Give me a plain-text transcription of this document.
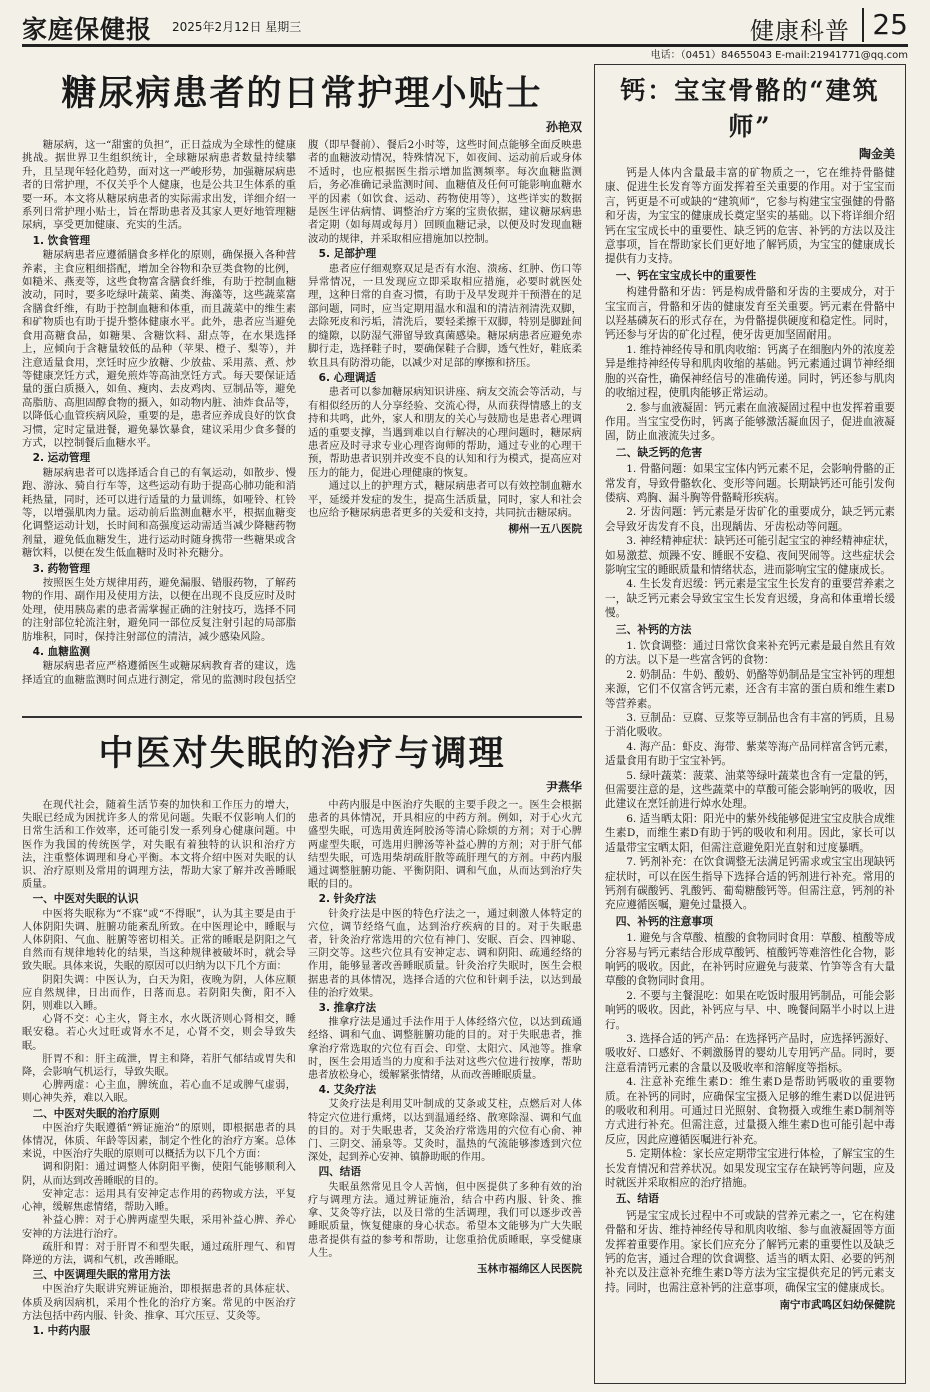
家庭保健报 2025年2月12日 星期三	健康科普 25
电话：（0451）84655043 E-mail:21941771@qq.com
糖尿病患者的日常护理小贴士
孙艳双

糖尿病，这一“甜蜜的负担”，正日益成为全球性的健康挑战。据世界卫生组织统计，全球糖尿病患者数量持续攀升，且呈现年轻化趋势，面对这一严峻形势，加强糖尿病患者的日常护理，不仅关乎个人健康，也是公共卫生体系的重要一环。本文将从糖尿病患者的实际需求出发，详细介绍一系列日常护理小贴士，旨在帮助患者及其家人更好地管理糖尿病，享受更加健康、充实的生活。

1. 饮食管理

糖尿病患者应遵循膳食多样化的原则，确保摄入各种营养素，主食应粗细搭配，增加全谷物和杂豆类食物的比例，如糙米、燕麦等，这些食物富含膳食纤维，有助于控制血糖波动，同时，要多吃绿叶蔬菜、菌类、海藻等，这些蔬菜富含膳食纤维，有助于控制血糖和体重，而且蔬菜中的维生素和矿物质也有助于提升整体健康水平。此外，患者应当避免食用高糖食品，如糖果、含糖饮料、甜点等，在水果选择上，应倾向于含糖量较低的品种（苹果、橙子、梨等），并注意适量食用，烹饪时应少放糖、少放盐、采用蒸、煮、炒等健康烹饪方式，避免煎炸等高油烹饪方式。每天要保证适量的蛋白质摄入，如鱼、瘦肉、去皮鸡肉、豆制品等，避免高脂肪、高胆固醇食物的摄入，如动物内脏、油炸食品等，以降低心血管疾病风险，重要的是，患者应养成良好的饮食习惯，定时定量进餐，避免暴饮暴食，建议采用少食多餐的方式，以控制餐后血糖水平。

2. 运动管理

糖尿病患者可以选择适合自己的有氧运动，如散步、慢跑、游泳、骑自行车等，这些运动有助于提高心肺功能和消耗热量，同时，还可以进行适量的力量训练，如哑铃、杠铃等，以增强肌肉力量。运动前后监测血糖水平，根据血糖变化调整运动计划，长时间和高强度运动需适当减少降糖药物剂量，避免低血糖发生，进行运动时随身携带一些糖果或含糖饮料，以便在发生低血糖时及时补充糖分。

3. 药物管理

按照医生处方规律用药，避免漏服、错服药物，了解药物的作用、副作用及使用方法，以便在出现不良反应时及时处理，使用胰岛素的患者需掌握正确的注射技巧，选择不同的注射部位轮流注射，避免同一部位反复注射引起的局部脂肪堆积，同时，保持注射部位的清洁，减少感染风险。

4. 血糖监测

糖尿病患者应严格遵循医生或糖尿病教育者的建议，选择适宜的血糖监测时间点进行测定，常见的监测时段包括空腹（即早餐前）、餐后2小时等，这些时间点能够全面反映患者的血糖波动情况，特殊情况下，如夜间、运动前后或身体不适时，也应根据医生指示增加监测频率。每次血糖监测后，务必准确记录监测时间、血糖值及任何可能影响血糖水平的因素（如饮食、运动、药物使用等），这些详实的数据是医生评估病情、调整治疗方案的宝贵依据，建议糖尿病患者定期（如每周或每月）回顾血糖记录，以便及时发现血糖波动的规律，并采取相应措施加以控制。

5. 足部护理

患者应仔细观察双足是否有水泡、溃疡、红肿、伤口等异常情况，一旦发现应立即采取相应措施，必要时就医处理，这种日常的自查习惯，有助于及早发现并干预潜在的足部问题，同时，应当定期用温水和温和的清洁剂清洗双脚，去除死皮和污垢，清洗后，要轻柔擦干双脚，特别是脚趾间的缝隙，以防湿气滞留导致真菌感染。糖尿病患者应避免赤脚行走，选择鞋子时，要确保鞋子合脚，透气性好，鞋底柔软且具有防滑功能，以减少对足部的摩擦和挤压。

6. 心理调适

患者可以参加糖尿病知识讲座、病友交流会等活动，与有相似经历的人分享经验、交流心得，从而获得情感上的支持和共鸣，此外，家人和朋友的关心与鼓励也是患者心理调适的重要支撑，当遇到难以自行解决的心理问题时，糖尿病患者应及时寻求专业心理咨询师的帮助，通过专业的心理干预，帮助患者识别并改变不良的认知和行为模式，提高应对压力的能力，促进心理健康的恢复。

通过以上的护理方式，糖尿病患者可以有效控制血糖水平，延缓并发症的发生，提高生活质量，同时，家人和社会也应给予糖尿病患者更多的关爱和支持，共同抗击糖尿病。

柳州一五八医院
中医对失眠的治疗与调理
尹燕华

在现代社会，随着生活节奏的加快和工作压力的增大，失眠已经成为困扰许多人的常见问题。失眠不仅影响人们的日常生活和工作效率，还可能引发一系列身心健康问题。中医作为我国的传统医学，对失眠有着独特的认识和治疗方法，注重整体调理和身心平衡。本文将介绍中医对失眠的认识、治疗原则及常用的调理方法，帮助大家了解并改善睡眠质量。

一、中医对失眠的认识

中医将失眠称为“不寐”或“不得眠”，认为其主要是由于人体阴阳失调、脏腑功能紊乱所致。在中医理论中，睡眠与人体阴阳、气血、脏腑等密切相关。正常的睡眠是阴阳之气自然而有规律地转化的结果，当这种规律被破坏时，就会导致失眠。具体来说，失眠的原因可以归纳为以下几个方面：

阴阳失调：中医认为，白天为阳，夜晚为阴，人体应顺应自然规律，日出而作，日落而息。若阴阳失衡，阳不入阴，则难以入睡。

心肾不交：心主火，肾主水，水火既济则心肾相交，睡眠安稳。若心火过旺或肾水不足，心肾不交，则会导致失眠。

肝胃不和：肝主疏泄，胃主和降，若肝气郁结或胃失和降，会影响气机运行，导致失眠。

心脾两虚：心主血，脾统血，若心血不足或脾气虚弱，则心神失养，难以入眠。

二、中医对失眠的治疗原则

中医治疗失眠遵循“辨证施治”的原则，即根据患者的具体情况，体质、年龄等因素，制定个性化的治疗方案。总体来说，中医治疗失眠的原则可以概括为以下几个方面：

调和阴阳：通过调整人体阴阳平衡，使阳气能够顺利入阴，从而达到改善睡眠的目的。

安神定志：运用具有安神定志作用的药物或方法，平复心神，缓解焦虑情绪，帮助入睡。

补益心脾：对于心脾两虚型失眠，采用补益心脾、养心安神的方法进行治疗。

疏肝和胃：对于肝胃不和型失眠，通过疏肝理气、和胃降逆的方法，调和气机，改善睡眠。

三、中医调理失眠的常用方法

中医治疗失眠讲究辨证施治，即根据患者的具体症状、体质及病因病机，采用个性化的治疗方案。常见的中医治疗方法包括中药内服、针灸、推拿、耳穴压豆、艾灸等。

1. 中药内服

中药内服是中医治疗失眠的主要手段之一。医生会根据患者的具体情况，开具相应的中药方剂。例如，对于心火亢盛型失眠，可选用黄连阿胶汤等清心除烦的方剂；对于心脾两虚型失眠，可选用归脾汤等补益心脾的方剂；对于肝气郁结型失眠，可选用柴胡疏肝散等疏肝理气的方剂。中药内服通过调整脏腑功能、平衡阴阳、调和气血，从而达到治疗失眠的目的。

2. 针灸疗法

针灸疗法是中医的特色疗法之一，通过刺激人体特定的穴位，调节经络气血，达到治疗疾病的目的。对于失眠患者，针灸治疗常选用的穴位有神门、安眠、百会、四神聪、三阴交等。这些穴位具有安神定志、调和阴阳、疏通经络的作用，能够显著改善睡眠质量。针灸治疗失眠时，医生会根据患者的具体情况，选择合适的穴位和针刺手法，以达到最佳的治疗效果。

3. 推拿疗法

推拿疗法是通过手法作用于人体经络穴位，以达到疏通经络、调和气血、调整脏腑功能的目的。对于失眠患者，推拿治疗常选取的穴位有百会、印堂、太阳穴、风池等。推拿时，医生会用适当的力度和手法对这些穴位进行按摩，帮助患者放松身心，缓解紧张情绪，从而改善睡眠质量。

4. 艾灸疗法

艾灸疗法是利用艾叶制成的艾条或艾柱，点燃后对人体特定穴位进行熏烤，以达到温通经络、散寒除湿、调和气血的目的。对于失眠患者，艾灸治疗常选用的穴位有心俞、神门、三阴交、涌泉等。艾灸时，温热的气流能够渗透到穴位深处，起到养心安神、镇静助眠的作用。

四、结语

失眠虽然常见且令人苦恼，但中医提供了多种有效的治疗与调理方法。通过辨证施治，结合中药内服、针灸、推拿、艾灸等疗法，以及日常的生活调理，我们可以逐步改善睡眠质量，恢复健康的身心状态。希望本文能够为广大失眠患者提供有益的参考和帮助，让您重拾优质睡眠，享受健康人生。

玉林市福绵区人民医院
钙：宝宝骨骼的“建筑师”
陶金美

钙是人体内含量最丰富的矿物质之一，它在维持骨骼健康、促进生长发育等方面发挥着至关重要的作用。对于宝宝而言，钙更是不可或缺的“建筑师”，它参与构建宝宝强健的骨骼和牙齿，为宝宝的健康成长奠定坚实的基础。以下将详细介绍钙在宝宝成长中的重要性、缺乏钙的危害、补钙的方法以及注意事项，旨在帮助家长们更好地了解钙质，为宝宝的健康成长提供有力支持。

一、钙在宝宝成长中的重要性

构建骨骼和牙齿：钙是构成骨骼和牙齿的主要成分，对于宝宝而言，骨骼和牙齿的健康发育至关重要。钙元素在骨骼中以羟基磷灰石的形式存在，为骨骼提供硬度和稳定性。同时，钙还参与牙齿的矿化过程，使牙齿更加坚固耐用。

1. 维持神经传导和肌肉收缩：钙离子在细胞内外的浓度差异是维持神经传导和肌肉收缩的基础。钙元素通过调节神经细胞的兴奋性，确保神经信号的准确传递。同时，钙还参与肌肉的收缩过程，使肌肉能够正常运动。

2. 参与血液凝固：钙元素在血液凝固过程中也发挥着重要作用。当宝宝受伤时，钙离子能够激活凝血因子，促进血液凝固，防止血液流失过多。

二、缺乏钙的危害

1. 骨骼问题：如果宝宝体内钙元素不足，会影响骨骼的正常发育，导致骨骼软化、变形等问题。长期缺钙还可能引发佝偻病、鸡胸、漏斗胸等骨骼畸形疾病。

2. 牙齿问题：钙元素是牙齿矿化的重要成分，缺乏钙元素会导致牙齿发育不良，出现龋齿、牙齿松动等问题。

3. 神经精神症状：缺钙还可能引起宝宝的神经精神症状，如易激惹、烦躁不安、睡眠不安稳、夜间哭闹等。这些症状会影响宝宝的睡眠质量和情绪状态，进而影响宝宝的健康成长。

4. 生长发育迟缓：钙元素是宝宝生长发育的重要营养素之一，缺乏钙元素会导致宝宝生长发育迟缓，身高和体重增长缓慢。

三、补钙的方法

1. 饮食调整：通过日常饮食来补充钙元素是最自然且有效的方法。以下是一些富含钙的食物：

2. 奶制品：牛奶、酸奶、奶酪等奶制品是宝宝补钙的理想来源，它们不仅富含钙元素，还含有丰富的蛋白质和维生素D等营养素。

3. 豆制品：豆腐、豆浆等豆制品也含有丰富的钙质，且易于消化吸收。

4. 海产品：虾皮、海带、紫菜等海产品同样富含钙元素，适量食用有助于宝宝补钙。

5. 绿叶蔬菜：菠菜、油菜等绿叶蔬菜也含有一定量的钙，但需要注意的是，这些蔬菜中的草酸可能会影响钙的吸收，因此建议在烹饪前进行焯水处理。

6. 适当晒太阳：阳光中的紫外线能够促进宝宝皮肤合成维生素D，而维生素D有助于钙的吸收和利用。因此，家长可以适量带宝宝晒太阳，但需注意避免阳光直射和过度暴晒。

7. 钙剂补充：在饮食调整无法满足钙需求或宝宝出现缺钙症状时，可以在医生指导下选择合适的钙剂进行补充。常用的钙剂有碳酸钙、乳酸钙、葡萄糖酸钙等。但需注意，钙剂的补充应遵循医嘱，避免过量摄入。

四、补钙的注意事项

1. 避免与含草酸、植酸的食物同时食用：草酸、植酸等成分容易与钙元素结合形成草酸钙、植酸钙等难溶性化合物，影响钙的吸收。因此，在补钙时应避免与菠菜、竹笋等含有大量草酸的食物同时食用。

2. 不要与主餐混吃：如果在吃饭时服用钙制品，可能会影响钙的吸收。因此，补钙应与早、中、晚餐间隔半小时以上进行。

3. 选择合适的钙产品：在选择钙产品时，应选择钙源好、吸收好、口感好、不刺激肠胃的婴幼儿专用钙产品。同时，要注意看清钙元素的含量以及吸收率和溶解度等指标。

4. 注意补充维生素D：维生素D是帮助钙吸收的重要物质。在补钙的同时，应确保宝宝摄入足够的维生素D以促进钙的吸收和利用。可通过日光照射、食物摄入或维生素D制剂等方式进行补充。但需注意，过量摄入维生素D也可能引起中毒反应，因此应遵循医嘱进行补充。

5. 定期体检：家长应定期带宝宝进行体检，了解宝宝的生长发育情况和营养状况。如果发现宝宝存在缺钙等问题，应及时就医并采取相应的治疗措施。

五、结语

钙是宝宝成长过程中不可或缺的营养元素之一，它在构建骨骼和牙齿、维持神经传导和肌肉收缩、参与血液凝固等方面发挥着重要作用。家长们应充分了解钙元素的重要性以及缺乏钙的危害，通过合理的饮食调整、适当的晒太阳、必要的钙剂补充以及注意补充维生素D等方法为宝宝提供充足的钙元素支持。同时，也需注意补钙的注意事项，确保宝宝的健康成长。

南宁市武鸣区妇幼保健院
